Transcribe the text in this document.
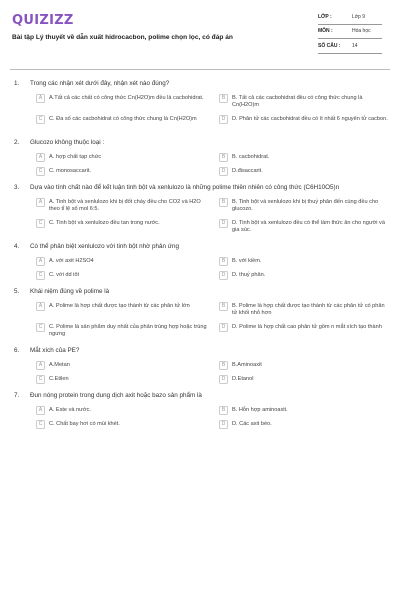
QUIZIZZ
Bài tập Lý thuyết về dẫn xuất hidrocacbon, polime chọn lọc, có đáp án
LỚP :	Lớp 9
MÔN :	Hóa học
SỐ CÂU :	14
1.	Trong các nhận xét dưới đây, nhận xét nào đúng?
A	A.Tất cả các chất có công thức Cn(H2O)m đều là cacbohidrat.	B	B. Tất cả các cacbohidrat đều có công thức chung là Cn(H2O)m
C	C. Đa số các cacbohidrat có công thức chung là Cn(H2O)m	D	D. Phân tử các cacbohidrat đều có ít nhất 6 nguyên tử cacbon.
2.	Glucozo không thuộc loại :
A	A. hợp chất tạp chức	B	B. cacbohidrat.
C	C. monosaccarit.	D	D.đisaccarit.
3.	Dựa vào tính chất nào để kết luận tinh bột và xenlulozo là những polime thiên nhiên có công thức (C6H10O5)n
A	A. Tinh bột và xenlulozo khi bị đốt cháy đều cho CO2 và H2O theo tỉ lệ số mol 6:5.
B	B. Tinh bột và xenlulozo khi bị thuỷ phân đến cùng đều cho glucozo.
C	C. Tinh bột và xenlulozo đều tan trong nước.	D	D. Tinh bột và xenlulozo đều có thể làm thức ăn cho người và gia súc.
4.	Có thể phân biệt xenlulozo với tinh bột nhờ phản ứng
A	A. với axit H2SO4	B	B. với kiềm.
C	C. với dd iôt	D	D. thuỷ phân.
5.	Khái niệm đúng về polime là
A	A. Polime là hợp chất được tạo thành từ các phân tử lớn	B	B. Polime là hợp chất được tạo thành từ các phân tử có phân tử khối nhỏ hơn
C	C. Polime là sản phẩm duy nhất của phản trùng hợp hoặc trùng ngưng
D	D. Polime là hợp chất cao phân tử gồm n mắt xích tạo thành
6.	Mắt xích của PE?
A	A.Metan	B	B.Aminoaxit
C	C.Etilen	D	D.Etanol
7.	Đun nóng protein trong dung dịch axit hoặc bazo sản phẩm là
A	A. Este và nước.	B	B. Hỗn hợp aminoaxit.
C	C. Chất bay hơi có mùi khét.	D	D. Các axit béo.
